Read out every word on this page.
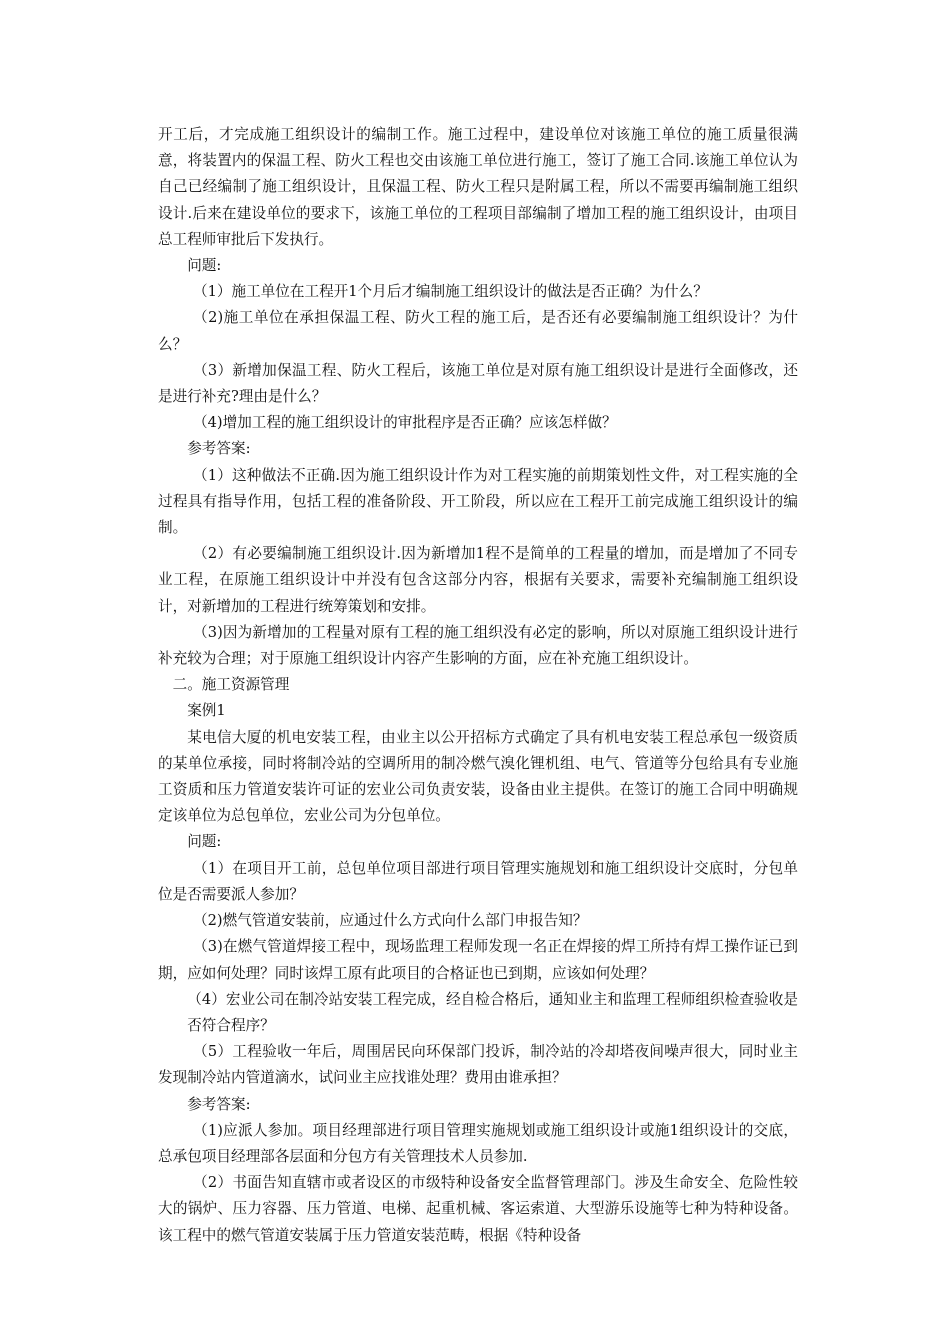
开工后，才完成施工组织设计的编制工作。施工过程中，建设单位对该施工单位的施工质量很满意，将装置内的保温工程、防火工程也交由该施工单位进行施工，签订了施工合同.该施工单位认为自己已经编制了施工组织设计，且保温工程、防火工程只是附属工程，所以不需要再编制施工组织设计.后来在建设单位的要求下，该施工单位的工程项目部编制了增加工程的施工组织设计，由项目总工程师审批后下发执行。

问题:

（1）施工单位在工程开1个月后才编制施工组织设计的做法是否正确？为什么？

（2)施工单位在承担保温工程、防火工程的施工后，是否还有必要编制施工组织设计？为什么？

（3）新增加保温工程、防火工程后，该施工单位是对原有施工组织设计是进行全面修改，还是进行补充?理由是什么？

（4)增加工程的施工组织设计的审批程序是否正确？应该怎样做？

参考答案:

（1）这种做法不正确.因为施工组织设计作为对工程实施的前期策划性文件，对工程实施的全过程具有指导作用，包括工程的准备阶段、开工阶段，所以应在工程开工前完成施工组织设计的编制。

（2）有必要编制施工组织设计.因为新增加1程不是简单的工程量的增加，而是增加了不同专业工程，在原施工组织设计中并没有包含这部分内容，根据有关要求，需要补充编制施工组织设计，对新增加的工程进行统筹策划和安排。

（3)因为新增加的工程量对原有工程的施工组织没有必定的影响，所以对原施工组织设计进行补充较为合理；对于原施工组织设计内容产生影响的方面，应在补充施工组织设计。

二。施工资源管理

案例1

某电信大厦的机电安装工程，由业主以公开招标方式确定了具有机电安装工程总承包一级资质的某单位承接，同时将制冷站的空调所用的制冷燃气溴化锂机组、电气、管道等分包给具有专业施工资质和压力管道安装许可证的宏业公司负责安装，设备由业主提供。在签订的施工合同中明确规定该单位为总包单位，宏业公司为分包单位。

问题:

（1）在项目开工前，总包单位项目部进行项目管理实施规划和施工组织设计交底时，分包单位是否需要派人参加？

（2)燃气管道安装前，应通过什么方式向什么部门申报告知？

（3)在燃气管道焊接工程中，现场监理工程师发现一名正在焊接的焊工所持有焊工操作证已到期，应如何处理？同时该焊工原有此项目的合格证也已到期，应该如何处理？

（4）宏业公司在制冷站安装工程完成，经自检合格后，通知业主和监理工程师组织检查验收是否符合程序？

（5）工程验收一年后，周围居民向环保部门投诉，制冷站的冷却塔夜间噪声很大，同时业主发现制冷站内管道滴水，试问业主应找谁处理？费用由谁承担？

参考答案:

（1)应派人参加。项目经理部进行项目管理实施规划或施工组织设计或施1组织设计的交底，总承包项目经理部各层面和分包方有关管理技术人员参加.

（2）书面告知直辖市或者设区的市级特种设备安全监督管理部门。涉及生命安全、危险性较大的锅炉、压力容器、压力管道、电梯、起重机械、客运索道、大型游乐设施等七种为特种设备。该工程中的燃气管道安装属于压力管道安装范畴，根据《特种设备
